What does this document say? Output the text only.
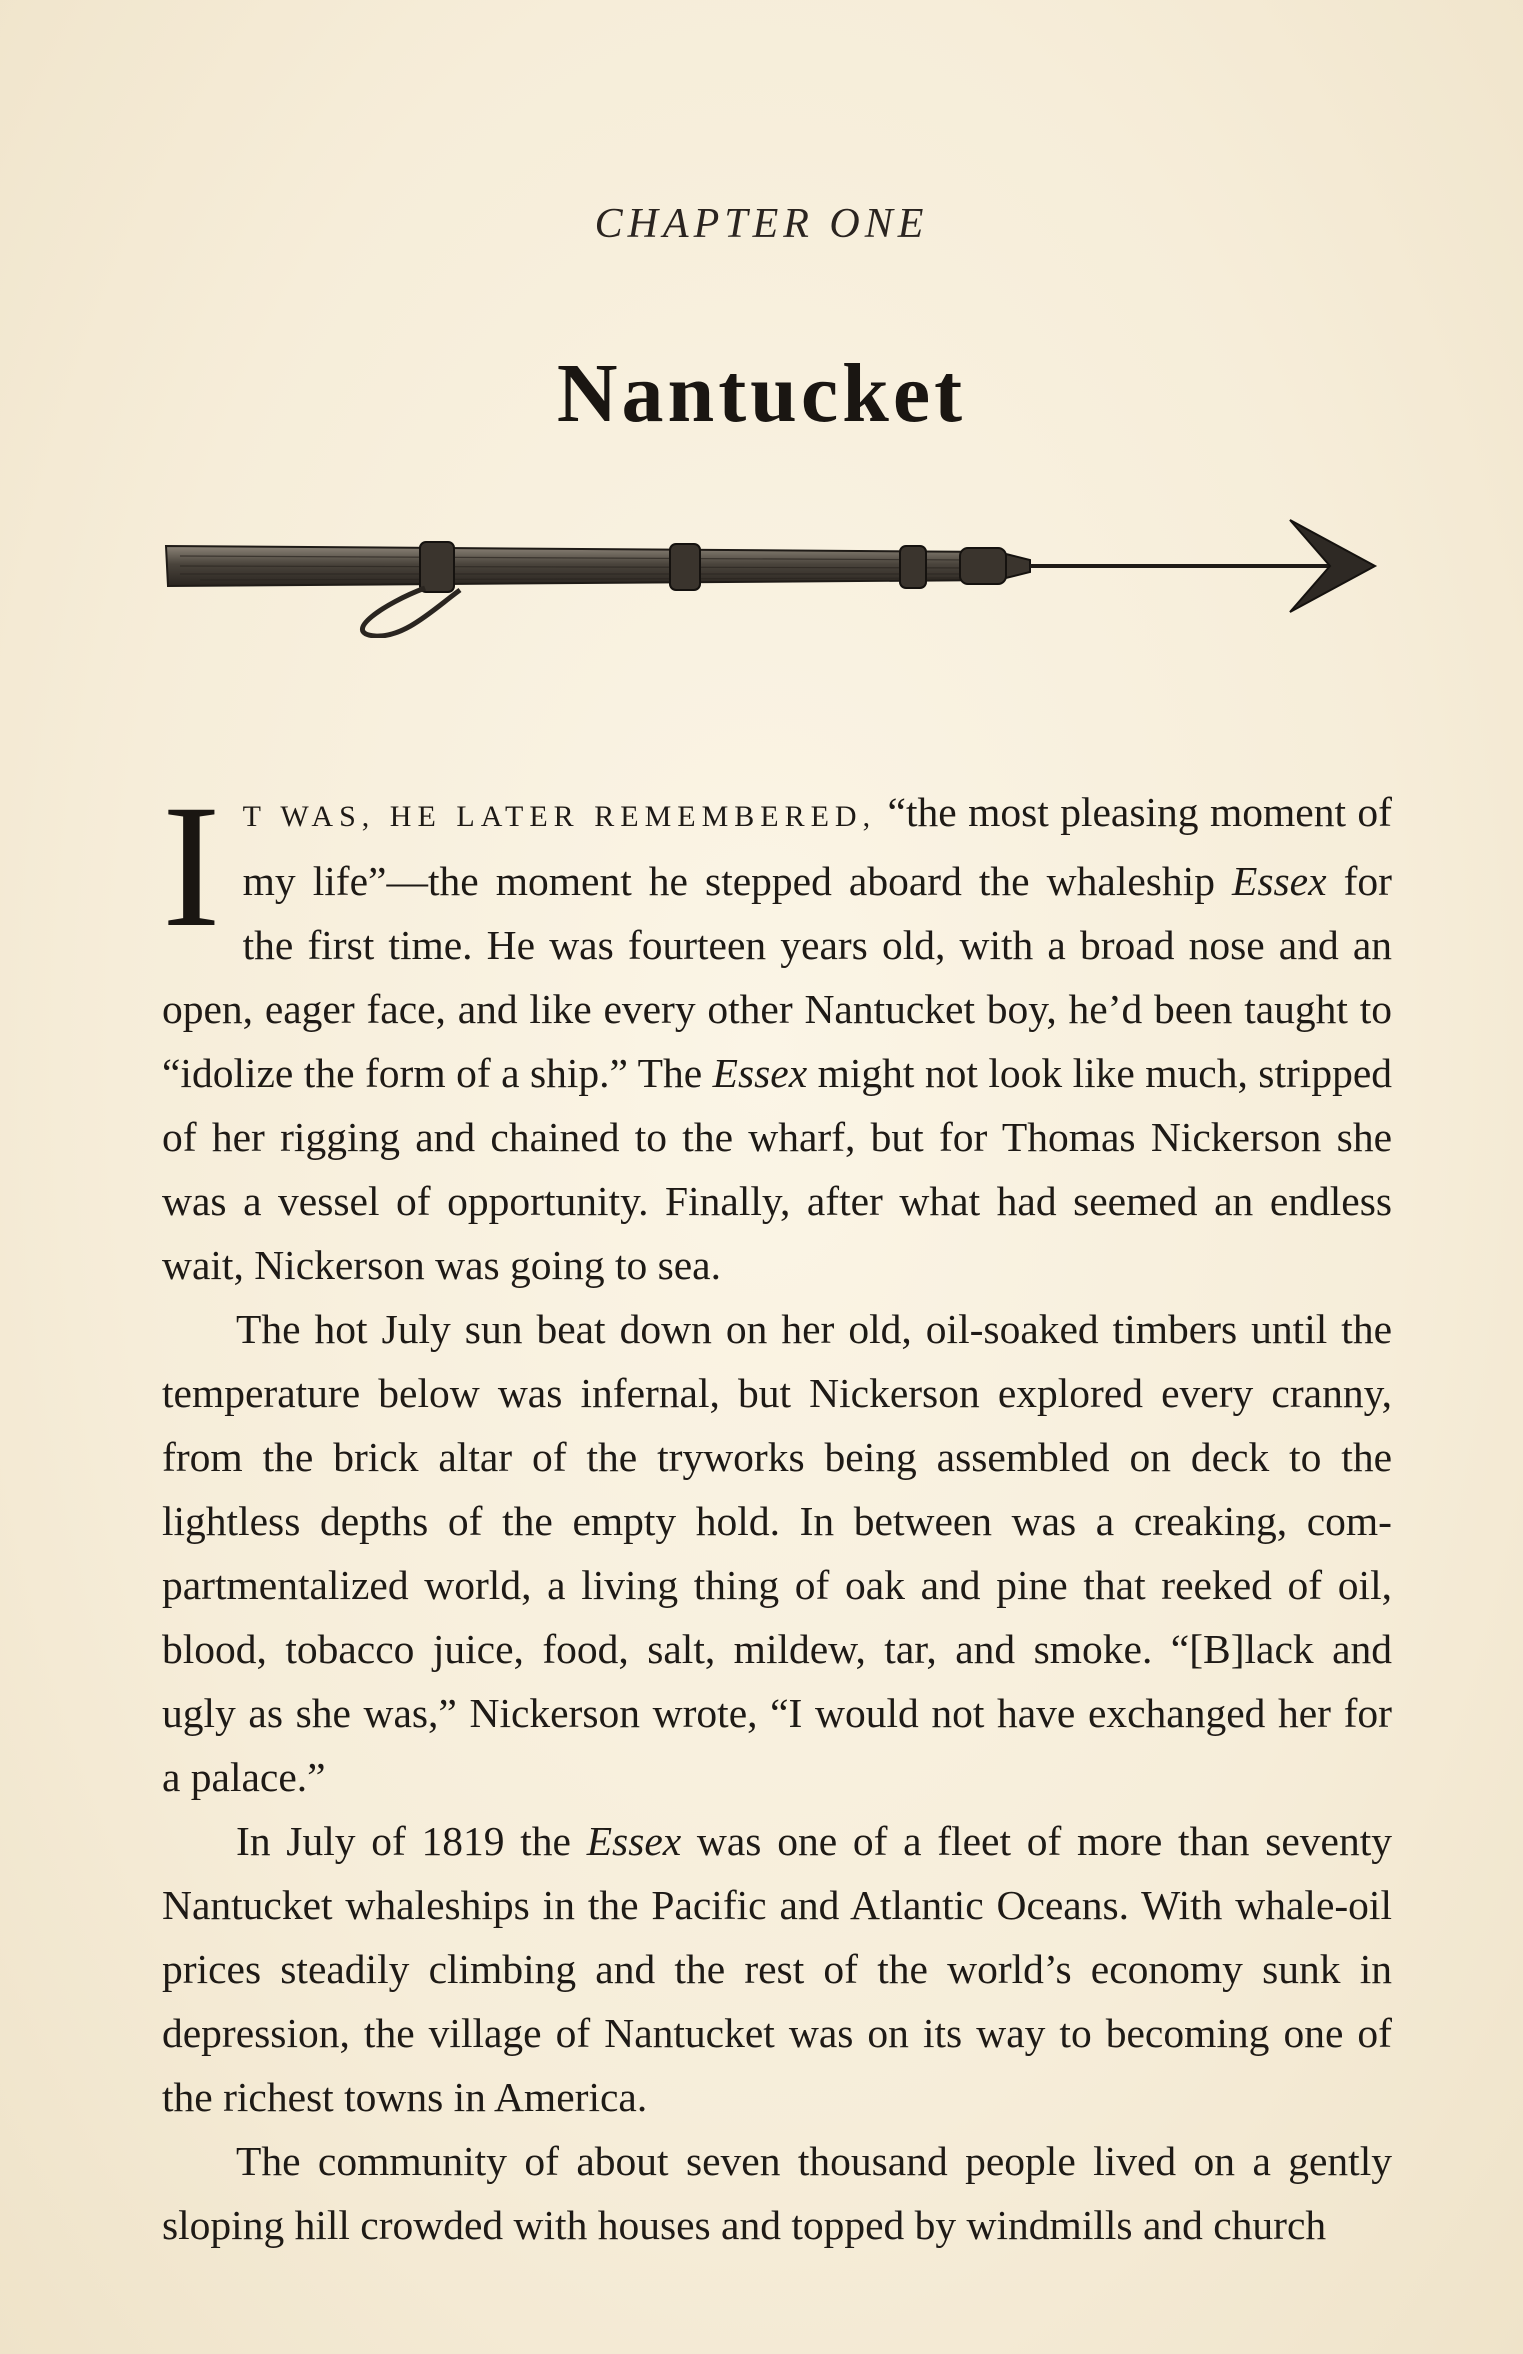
CHAPTER ONE
Nantucket

I T WAS, HE LATER REMEMBERED, “the most pleasing moment of my life”—the moment he stepped aboard the whaleship Essex for the first time. He was fourteen years old, with a broad nose and an open, eager face, and like every other Nantucket boy, he’d been taught to “idolize the form of a ship.” The Essex might not look like much, stripped of her rigging and chained to the wharf, but for Thomas Nickerson she was a vessel of opportunity. Finally, after what had seemed an endless wait, Nickerson was going to sea.

The hot July sun beat down on her old, oil-soaked timbers until the temperature below was infernal, but Nickerson explored every cranny, from the brick altar of the tryworks being assembled on deck to the lightless depths of the empty hold. In between was a creaking, compartmentalized world, a living thing of oak and pine that reeked of oil, blood, tobacco juice, food, salt, mildew, tar, and smoke. “[B]lack and ugly as she was,” Nickerson wrote, “I would not have exchanged her for a palace.”

In July of 1819 the Essex was one of a fleet of more than seventy Nantucket whaleships in the Pacific and Atlantic Oceans. With whale-oil prices steadily climbing and the rest of the world’s economy sunk in depression, the village of Nantucket was on its way to becoming one of the richest towns in America.

The community of about seven thousand people lived on a gently sloping hill crowded with houses and topped by windmills and church
